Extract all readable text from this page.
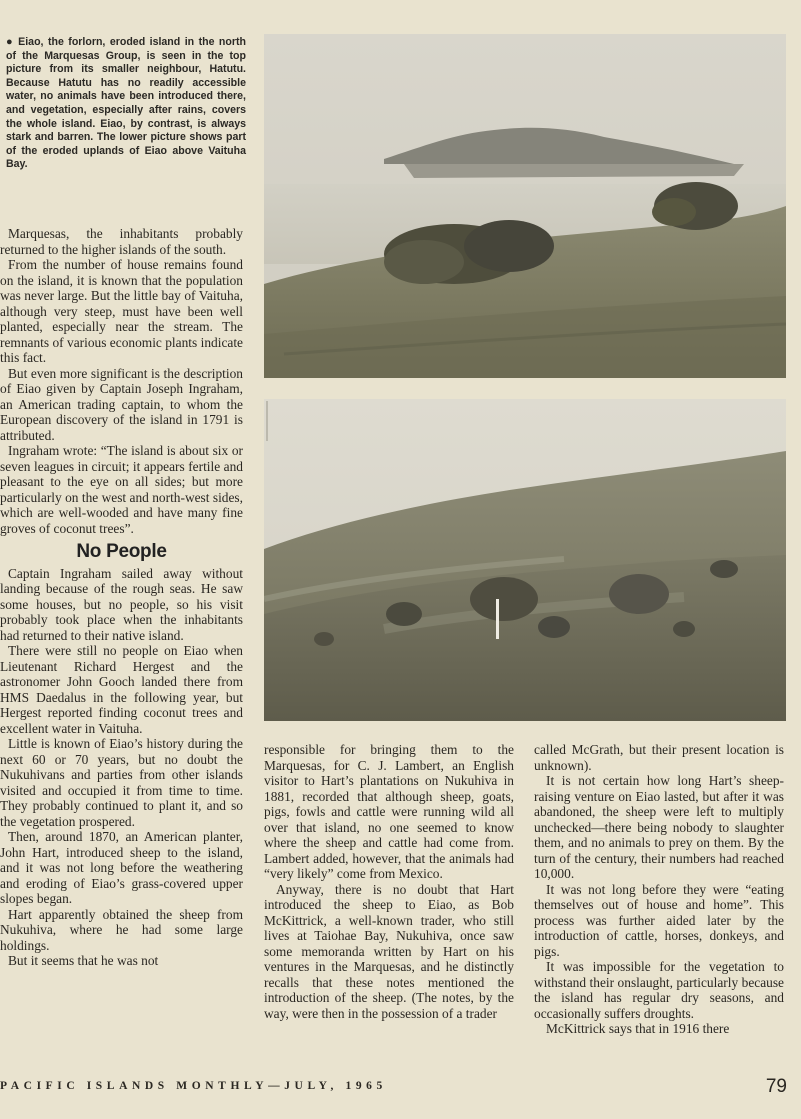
● Eiao, the forlorn, eroded island in the north of the Marquesas Group, is seen in the top picture from its smaller neighbour, Hatutu. Because Hatutu has no readily accessible water, no animals have been introduced there, and vegetation, especially after rains, covers the whole island. Eiao, by contrast, is always stark and barren. The lower picture shows part of the eroded uplands of Eiao above Vaituha Bay.

Marquesas, the inhabitants probably returned to the higher islands of the south.

From the number of house remains found on the island, it is known that the population was never large. But the little bay of Vaituha, although very steep, must have been well planted, especially near the stream. The remnants of various economic plants indicate this fact.

But even more significant is the description of Eiao given by Captain Joseph Ingraham, an American trading captain, to whom the European discovery of the island in 1791 is attributed.

Ingraham wrote: “The island is about six or seven leagues in circuit; it appears fertile and pleasant to the eye on all sides; but more particularly on the west and north-west sides, which are well-wooded and have many fine groves of coconut trees”.

No People

Captain Ingraham sailed away without landing because of the rough seas. He saw some houses, but no people, so his visit probably took place when the inhabitants had returned to their native island.

There were still no people on Eiao when Lieutenant Richard Hergest and the astronomer John Gooch landed there from HMS Daedalus in the following year, but Hergest reported finding coconut trees and excellent water in Vaituha.

Little is known of Eiao’s history during the next 60 or 70 years, but no doubt the Nukuhivans and parties from other islands visited and occupied it from time to time. They probably continued to plant it, and so the vegetation prospered.

Then, around 1870, an American planter, John Hart, introduced sheep to the island, and it was not long before the weathering and eroding of Eiao’s grass-covered upper slopes began.

Hart apparently obtained the sheep from Nukuhiva, where he had some large holdings.

But it seems that he was not

responsible for bringing them to the Marquesas, for C. J. Lambert, an English visitor to Hart’s plantations on Nukuhiva in 1881, recorded that although sheep, goats, pigs, fowls and cattle were running wild all over that island, no one seemed to know where the sheep and cattle had come from. Lambert added, however, that the animals had “very likely” come from Mexico.

Anyway, there is no doubt that Hart introduced the sheep to Eiao, as Bob McKittrick, a well-known trader, who still lives at Taiohae Bay, Nukuhiva, once saw some memoranda written by Hart on his ventures in the Marquesas, and he distinctly recalls that these notes mentioned the introduction of the sheep. (The notes, by the way, were then in the possession of a trader

called McGrath, but their present location is unknown).

It is not certain how long Hart’s sheep-raising venture on Eiao lasted, but after it was abandoned, the sheep were left to multiply unchecked—there being nobody to slaughter them, and no animals to prey on them. By the turn of the century, their numbers had reached 10,000.

It was not long before they were “eating themselves out of house and home”. This process was further aided later by the introduction of cattle, horses, donkeys, and pigs.

It was impossible for the vegetation to withstand their onslaught, particularly because the island has regular dry seasons, and occasionally suffers droughts.

McKittrick says that in 1916 there

PACIFIC ISLANDS MONTHLY—JULY, 1965	79
